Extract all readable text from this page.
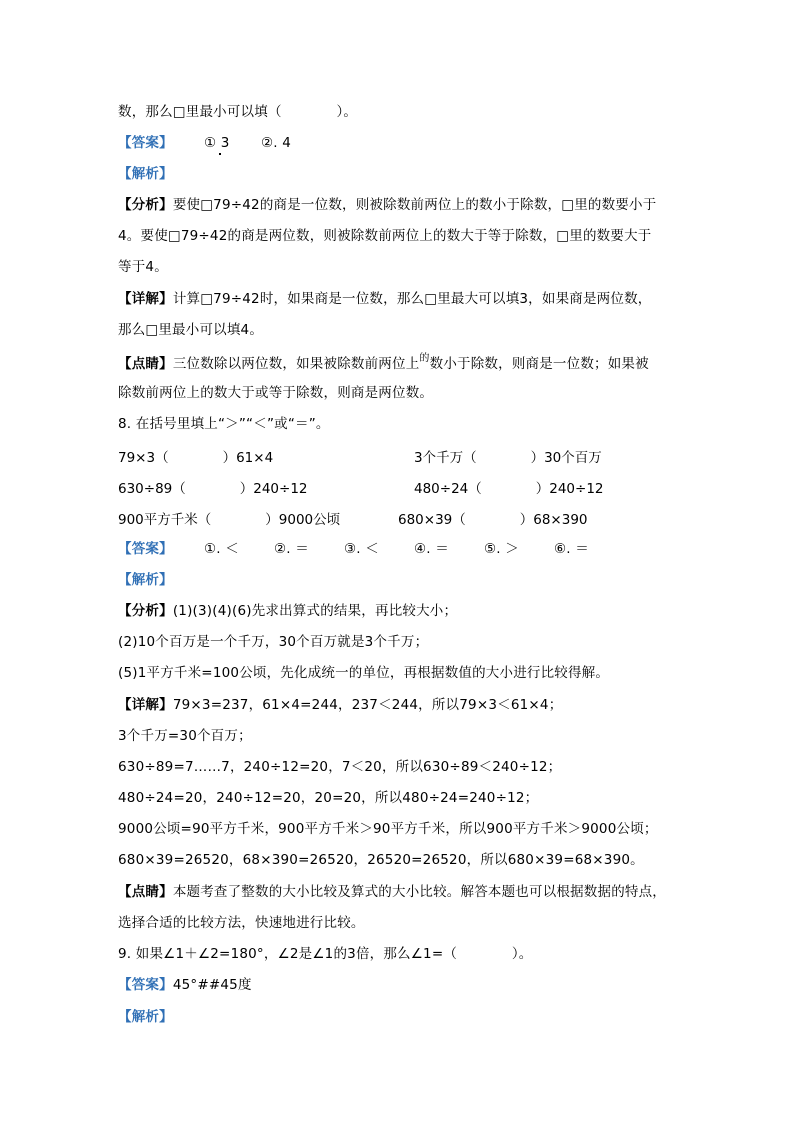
数，那么□里最小可以填（　　　　）。
【答案】 ① 3 ②. 4
【解析】
【分析】要使□79÷42的商是一位数，则被除数前两位上的数小于除数，□里的数要小于
4。要使□79÷42的商是两位数，则被除数前两位上的数大于等于除数，□里的数要大于
等于4。
【详解】计算□79÷42时，如果商是一位数，那么□里最大可以填3，如果商是两位数，
那么□里最小可以填4。
【点睛】三位数除以两位数，如果被除数前两位上$^的$数小于除数，则商是一位数；如果被
除数前两位上的数大于或等于除数，则商是两位数。
8. 在括号里填上“＞”“＜”或“＝”。
79×3（　　　　）61×4	3个千万（　　　　）30个百万
630÷89（　　　　）240÷12	480÷24（　　　　）240÷12
900平方千米（　　　　）9000公顷	680×39（　　　　）68×390
【答案】 ①. ＜	②. ＝	③. ＜	④. ＝	⑤. ＞	⑥. ＝
【解析】
【分析】(1)(3)(4)(6)先求出算式的结果，再比较大小；
(2)10个百万是一个千万，30个百万就是3个千万；
(5)1平方千米=100公顷，先化成统一的单位，再根据数值的大小进行比较得解。
【详解】79×3=237，61×4=244，237＜244，所以79×3＜61×4；
3个千万=30个百万；
630÷89=7……7，240÷12=20，7＜20，所以630÷89＜240÷12；
480÷24=20，240÷12=20，20=20，所以480÷24=240÷12；
9000公顷=90平方千米，900平方千米＞90平方千米，所以900平方千米＞9000公顷；
680×39=26520，68×390=26520，26520=26520，所以680×39=68×390。
【点睛】本题考查了整数的大小比较及算式的大小比较。解答本题也可以根据数据的特点，
选择合适的比较方法，快速地进行比较。
9. 如果∠1＋∠2=180°，∠2是∠1的3倍，那么∠1=（　　　　）。
【答案】45°##45度
【解析】
